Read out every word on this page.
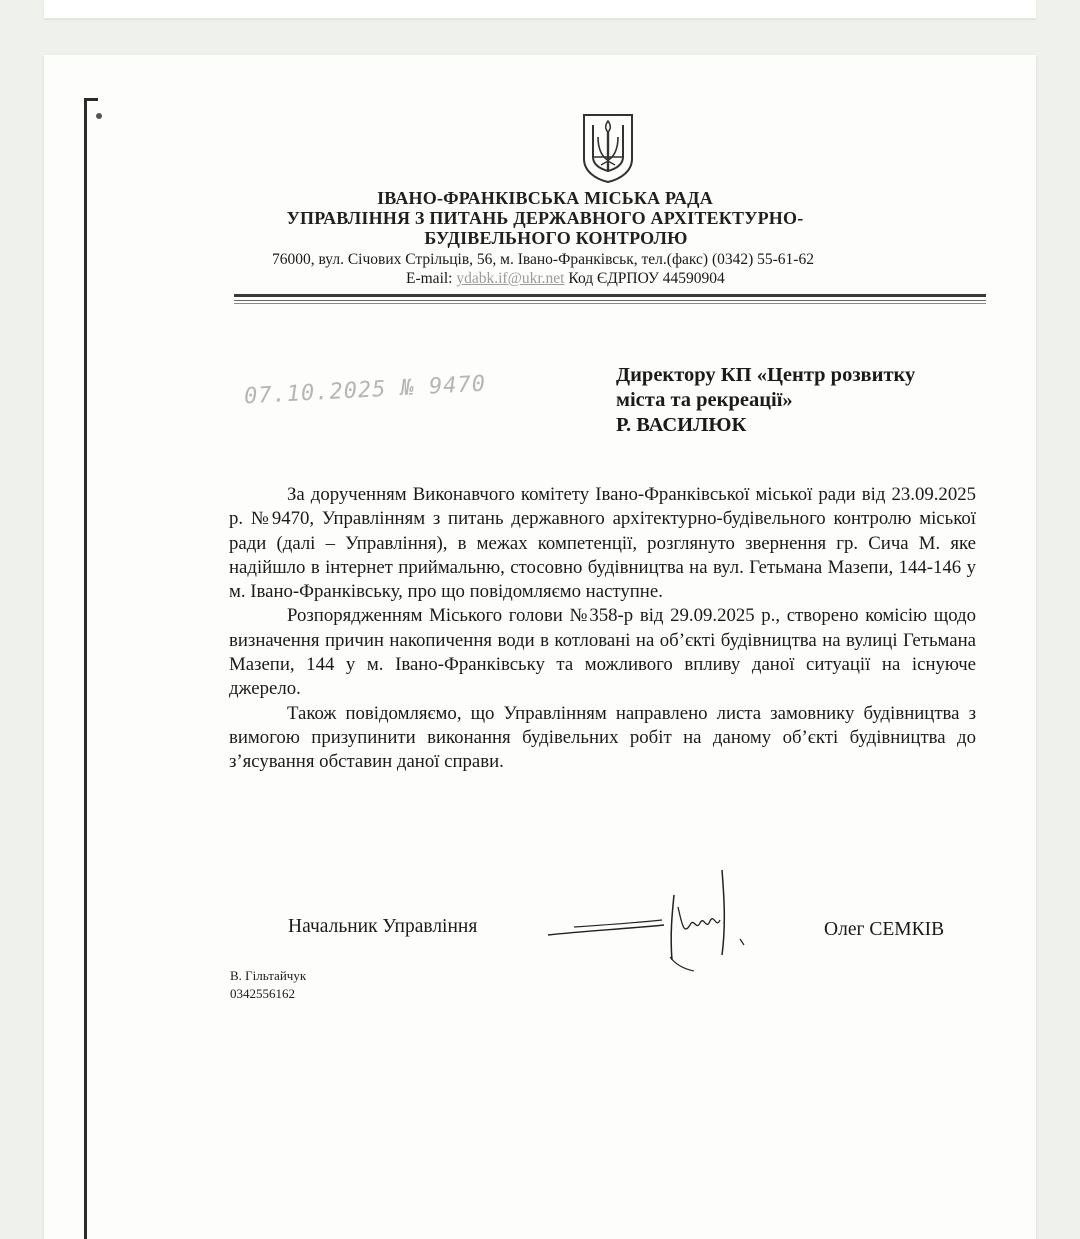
ІВАНО-ФРАНКІВСЬКА МІСЬКА РАДА
УПРАВЛІННЯ З ПИТАНЬ ДЕРЖАВНОГО АРХІТЕКТУРНО-
БУДІВЕЛЬНОГО КОНТРОЛЮ
76000, вул. Січових Стрільців, 56, м. Івано-Франківськ, тел.(факс) (0342) 55-61-62
E-mail: ydabk.if@ukr.net Код ЄДРПОУ 44590904
07.10.2025 № 9470	Директору КП «Центр розвитку
міста та рекреації»
Р. ВАСИЛЮК

За дорученням Виконавчого комітету Івано-Франківської міської ради від 23.09.2025 р. №9470, Управлінням з питань державного архітектурно-будівельного контролю міської ради (далі – Управління), в межах компетенції, розглянуто звернення гр. Сича М. яке надійшло в інтернет приймальню, стосовно будівництва на вул. Гетьмана Мазепи, 144-146 у м. Івано-Франківську, про що повідомляємо наступне.

Розпорядженням Міського голови №358-р від 29.09.2025 р., створено комісію щодо визначення причин накопичення води в котловані на об’єкті будівництва на вулиці Гетьмана Мазепи, 144 у м. Івано-Франківську та можливого впливу даної ситуації на існуюче джерело.

Також повідомляємо, що Управлінням направлено листа замовнику будівництва з вимогою призупинити виконання будівельних робіт на даному об’єкті будівництва до з’ясування обставин даної справи.

Начальник Управління	Олег СЕМКІВ
В. Гільтайчук
0342556162
